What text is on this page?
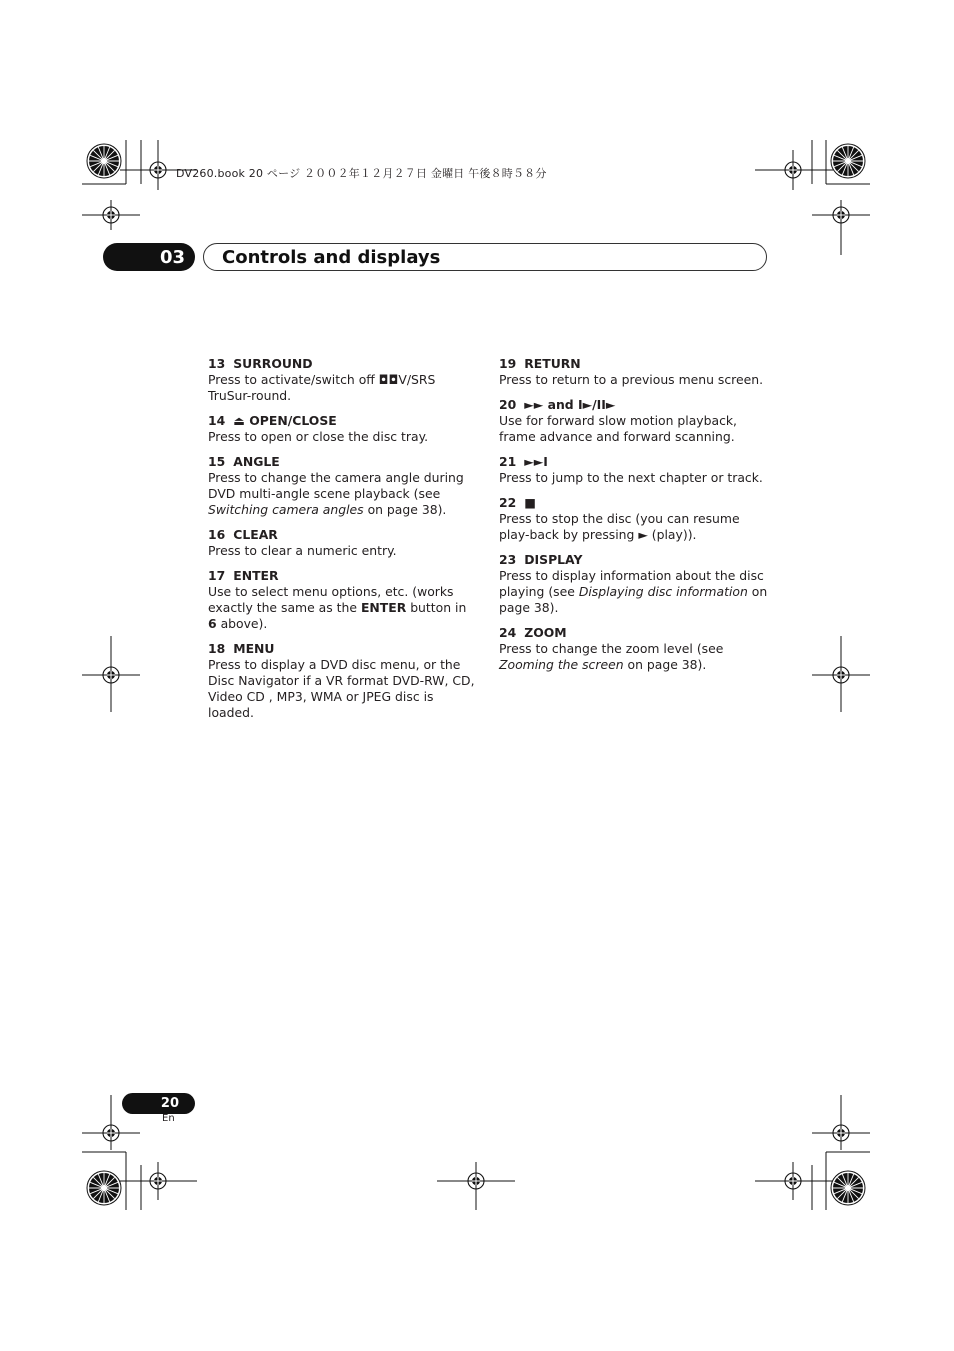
DV260.book 20 ページ ２００２年１２月２７日 金曜日 午後８時５８分
03	Controls and displays
13 SURROUND
Press to activate/switch off ◘◘V/SRS TruSur-round.
14 ⏏ OPEN/CLOSE
Press to open or close the disc tray.
15 ANGLE
Press to change the camera angle during DVD multi-angle scene playback (see Switching camera angles on page 38).
16 CLEAR
Press to clear a numeric entry.
17 ENTER
Use to select menu options, etc. (works exactly the same as the ENTER button in 6 above).
18 MENU
Press to display a DVD disc menu, or the Disc Navigator if a VR format DVD-RW, CD, Video CD , MP3, WMA or JPEG disc is loaded.
19 RETURN
Press to return to a previous menu screen.
20 ►► and I►/II►
Use for forward slow motion playback, frame advance and forward scanning.
21 ►►I
Press to jump to the next chapter or track.
22 ■
Press to stop the disc (you can resume play-back by pressing ► (play)).
23 DISPLAY
Press to display information about the disc playing (see Displaying disc information on page 38).
24 ZOOM
Press to change the zoom level (see Zooming the screen on page 38).
20
En
